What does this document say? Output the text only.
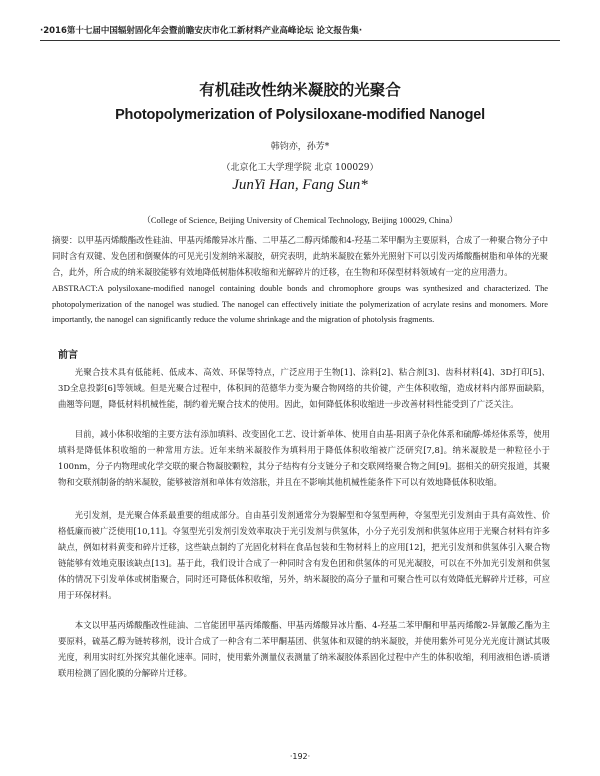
·2016第十七届中国辐射固化年会暨前瞻安庆市化工新材料产业高峰论坛 论文报告集·
有机硅改性纳米凝胶的光聚合
Photopolymerization of Polysiloxane-modified Nanogel
韩钧亦，孙芳*
（北京化工大学理学院 北京 100029）
JunYi Han, Fang Sun*
（College of Science, Beijing University of Chemical Technology, Beijing 100029, China）
摘要：以甲基丙烯酸酯改性硅油、甲基丙烯酸异冰片酯、二甲基乙二醇丙烯酸和4-羟基二苯甲酮为主要原料，合成了一种聚合物分子中同时含有双键、发色团和倒聚体的可见光引发剂纳米凝胶，研究表明，此纳米凝胶在紫外光照射下可以引发丙烯酸酯树脂和单体的光聚合，此外，所合成的纳米凝胶能够有效地降低树脂体积收缩和光解碎片的迁移，在生物和环保型材料领域有一定的应用潜力。
ABSTRACT:A polysiloxane-modified nanogel containing double bonds and chromophore groups was synthesized and characterized. The photopolymerization of the nanogel was studied. The nanogel can effectively initiate the polymerization of acrylate resins and monomers. More importantly, the nanogel can significantly reduce the volume shrinkage and the migration of photolysis fragments.
前言
光聚合技术具有低能耗、低成本、高效、环保等特点，广泛应用于生物[1]、涂料[2]、粘合剂[3]、齿科材料[4]、3D打印[5]、3D全息投影[6]等领域。但是光聚合过程中，体积间的范德华力变为聚合物网络的共价键，产生体积收缩，造成材料内部界面缺陷，曲翘等问题，降低材料机械性能，制约着光聚合技术的使用。因此，如何降低体积收缩进一步改善材料性能受到了广泛关注。
目前，减小体积收缩的主要方法有添加填料、改变固化工艺、设计新单体、使用自由基-阳离子杂化体系和硫醇-烯烃体系等，使用填料是降低体积收缩的一种常用方法。近年来纳米凝胶作为填料用于降低体积收缩被广泛研究[7,8]。纳米凝胶是一种粒径小于100nm，分子内物理或化学交联的聚合物凝胶颗粒，其分子结构有分支链分子和交联网络聚合物之间[9]。据相关的研究报道，其聚物和交联剂制备的纳米凝胶，能够被溶剂和单体有效溶胀，并且在不影响其他机械性能条件下可以有效地降低体积收缩。
光引发剂，是光聚合体系最重要的组成部分。自由基引发剂通常分为裂解型和夺氢型两种，夺氢型光引发剂由于具有高效性、价格低廉而被广泛使用[10,11]。夺氢型光引发剂引发效率取决于光引发剂与供氢体，小分子光引发剂和供氢体应用于光聚合材料有许多缺点，例如材料黄变和碎片迁移，这些缺点制约了光固化材料在食品包装和生物材料上的应用[12]，把光引发剂和供氢体引入聚合物链能够有效地克服该缺点[13]。基于此，我们设计合成了一种同时含有发色团和供氢体的可见光凝胶，可以在不外加光引发剂和供氢体的情况下引发单体或树脂聚合，同时还可降低体积收缩，另外，纳米凝胶的高分子量和可聚合性可以有效降低光解碎片迁移，可应用于环保材料。
本文以甲基丙烯酸酯改性硅油、二官能团甲基丙烯酸酯、甲基丙烯酸异冰片酯、4-羟基二苯甲酮和甲基丙烯酸2-异氰酸乙酯为主要原料，硫基乙醇为链转移剂，设计合成了一种含有二苯甲酮基团、供氢体和双键的纳米凝胶，并使用紫外可见分光光度计测试其吸光度，利用实时红外探究其催化速率。同时，使用紫外测量仪表测量了纳米凝胶体系固化过程中产生的体积收缩，利用液相色谱-质谱联用检测了固化膜的分解碎片迁移。
·192·
